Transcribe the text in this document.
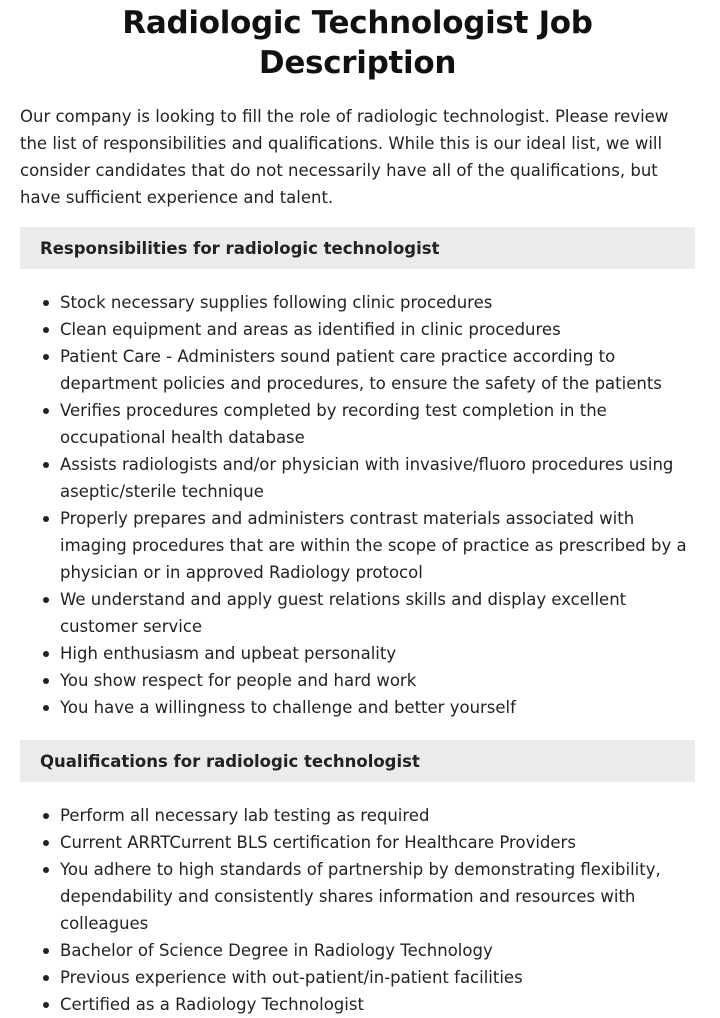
Radiologic Technologist Job Description

Our company is looking to fill the role of radiologic technologist. Please review the list of responsibilities and qualifications. While this is our ideal list, we will consider candidates that do not necessarily have all of the qualifications, but have sufficient experience and talent.

Responsibilities for radiologic technologist
Stock necessary supplies following clinic procedures
Clean equipment and areas as identified in clinic procedures
Patient Care - Administers sound patient care practice according to department policies and procedures, to ensure the safety of the patients
Verifies procedures completed by recording test completion in the occupational health database
Assists radiologists and/or physician with invasive/fluoro procedures using aseptic/sterile technique
Properly prepares and administers contrast materials associated with imaging procedures that are within the scope of practice as prescribed by a physician or in approved Radiology protocol
We understand and apply guest relations skills and display excellent customer service
High enthusiasm and upbeat personality
You show respect for people and hard work
You have a willingness to challenge and better yourself
Qualifications for radiologic technologist
Perform all necessary lab testing as required
Current ARRTCurrent BLS certification for Healthcare Providers
You adhere to high standards of partnership by demonstrating flexibility, dependability and consistently shares information and resources with colleagues
Bachelor of Science Degree in Radiology Technology
Previous experience with out-patient/in-patient facilities
Certified as a Radiology Technologist
